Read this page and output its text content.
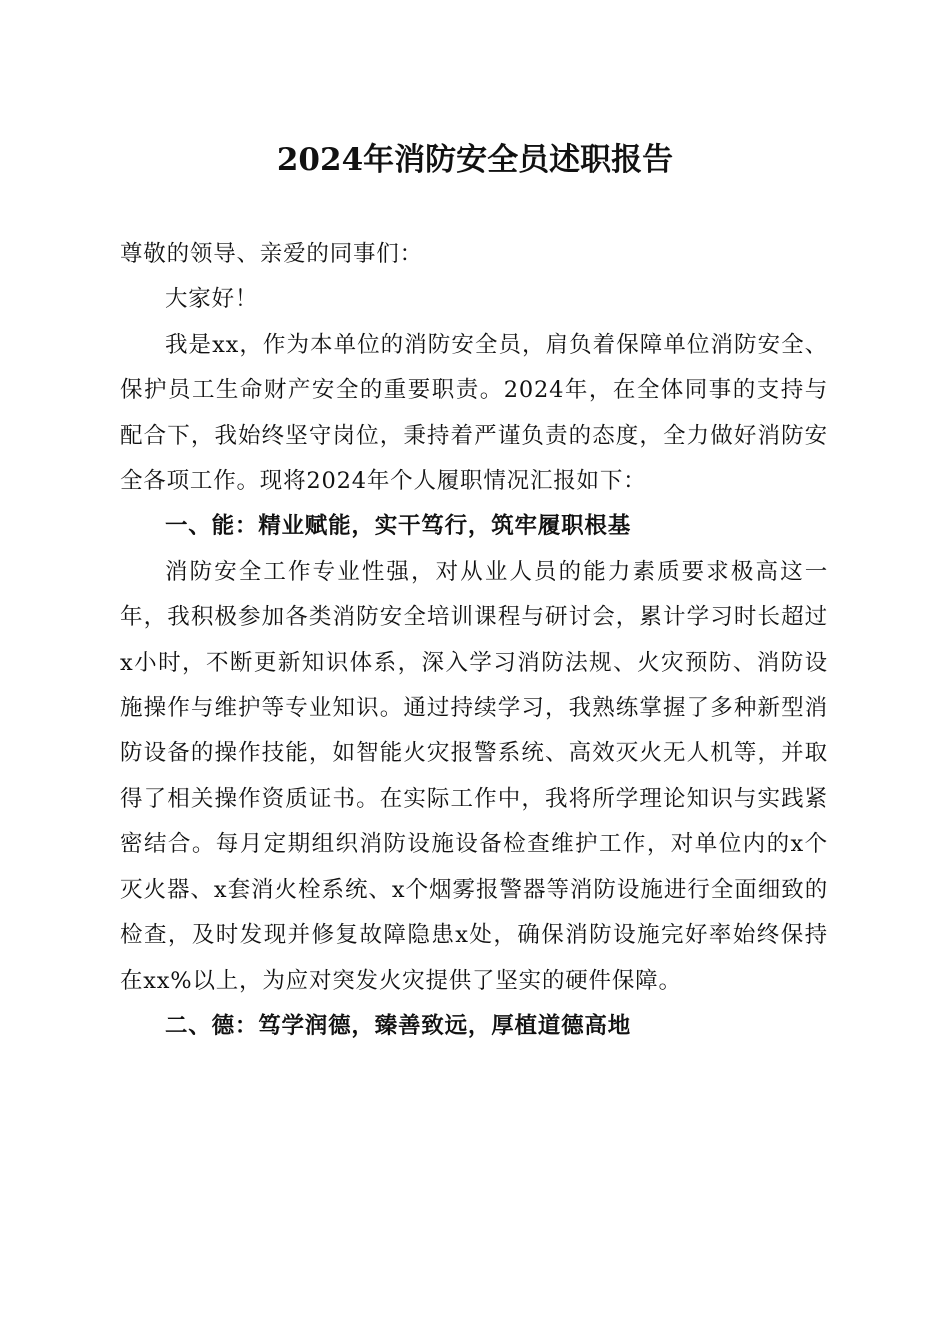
2024年消防安全员述职报告

尊敬的领导、亲爱的同事们：

大家好！

我是xx，作为本单位的消防安全员，肩负着保障单位消防安全、保护员工生命财产安全的重要职责。2024年，在全体同事的支持与配合下，我始终坚守岗位，秉持着严谨负责的态度，全力做好消防安全各项工作。现将2024年个人履职情况汇报如下：

一、能：精业赋能，实干笃行，筑牢履职根基

消防安全工作专业性强，对从业人员的能力素质要求极高这一年，我积极参加各类消防安全培训课程与研讨会，累计学习时长超过x小时，不断更新知识体系，深入学习消防法规、火灾预防、消防设施操作与维护等专业知识。通过持续学习，我熟练掌握了多种新型消防设备的操作技能，如智能火灾报警系统、高效灭火无人机等，并取得了相关操作资质证书。在实际工作中，我将所学理论知识与实践紧密结合。每月定期组织消防设施设备检查维护工作，对单位内的x个灭火器、x套消火栓系统、x个烟雾报警器等消防设施进行全面细致的检查，及时发现并修复故障隐患x处，确保消防设施完好率始终保持在xx%以上，为应对突发火灾提供了坚实的硬件保障。

二、德：笃学润德，臻善致远，厚植道德高地
